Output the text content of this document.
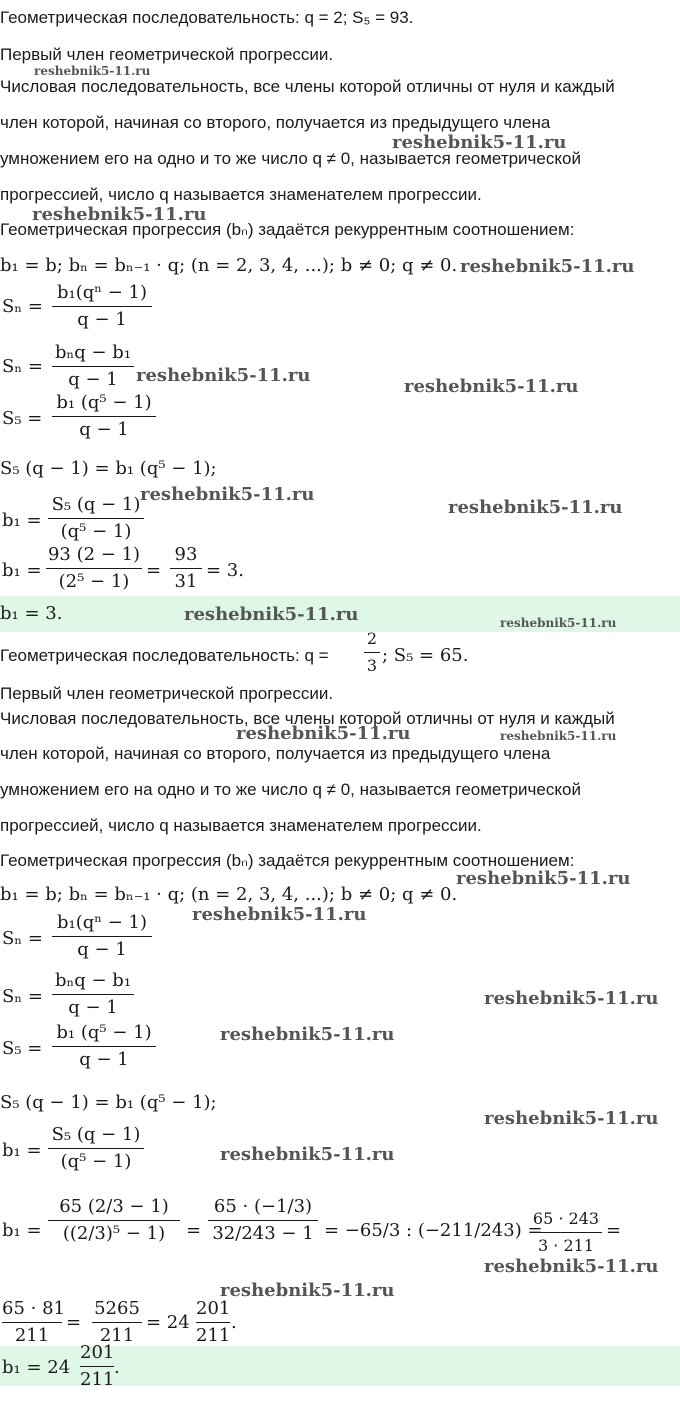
Геометрическая последовательность: q = 2; S₅ = 93.
Первый член геометрической прогрессии.
Числовая последовательность, все члены которой отличны от нуля и каждый
член которой, начиная со второго, получается из предыдущего члена
умножением его на одно и то же число q ≠ 0, называется геометрической
прогрессией, число q называется знаменателем прогрессии.
Геометрическая прогрессия (bₙ) задаётся рекуррентным соотношением:
b₁ = b; bₙ = bₙ₋₁ · q; (n = 2, 3, 4, ...); b ≠ 0; q ≠ 0.
Sₙ =
b₁(qⁿ − 1)
q − 1
Sₙ =
bₙq − b₁
q − 1
S₅ =
b₁ (q⁵ − 1)
q − 1
S₅ (q − 1) = b₁ (q⁵ − 1);
b₁ =
S₅ (q − 1)
(q⁵ − 1)
b₁ =
93 (2 − 1)
(2⁵ − 1)
=
93
31
= 3.
b₁ = 3.
Геометрическая последовательность: q =
2
3 ; S₅ = 65.
Первый член геометрической прогрессии.
Числовая последовательность, все члены которой отличны от нуля и каждый
член которой, начиная со второго, получается из предыдущего члена
умножением его на одно и то же число q ≠ 0, называется геометрической
прогрессией, число q называется знаменателем прогрессии.
Геометрическая прогрессия (bₙ) задаётся рекуррентным соотношением:
b₁ = b; bₙ = bₙ₋₁ · q; (n = 2, 3, 4, ...); b ≠ 0; q ≠ 0.
Sₙ =
b₁(qⁿ − 1)
q − 1
Sₙ =
bₙq − b₁
q − 1
S₅ =
b₁ (q⁵ − 1)
q − 1
S₅ (q − 1) = b₁ (q⁵ − 1);
b₁ =
S₅ (q − 1)
(q⁵ − 1)
b₁ =
65 (2/3 − 1)
((2/3)⁵ − 1)	=
65 · (−1/3)
32/243 − 1 = −65/3 : (−211/243) =
65 · 243
3 · 211
=
65 · 81
211
=
5265
211
= 24
201
211
.
b₁ = 24
201
211
.
reshebnik5-11.ru
reshebnik5-11.ru
reshebnik5-11.ru
reshebnik5-11.ru
reshebnik5-11.ru
reshebnik5-11.ru
reshebnik5-11.ru
reshebnik5-11.ru
reshebnik5-11.ru	reshebnik5-11.ru
reshebnik5-11.ru	reshebnik5-11.ru
reshebnik5-11.ru
reshebnik5-11.ru
reshebnik5-11.ru
reshebnik5-11.ru
reshebnik5-11.ru
reshebnik5-11.ru
reshebnik5-11.ru
reshebnik5-11.ru
